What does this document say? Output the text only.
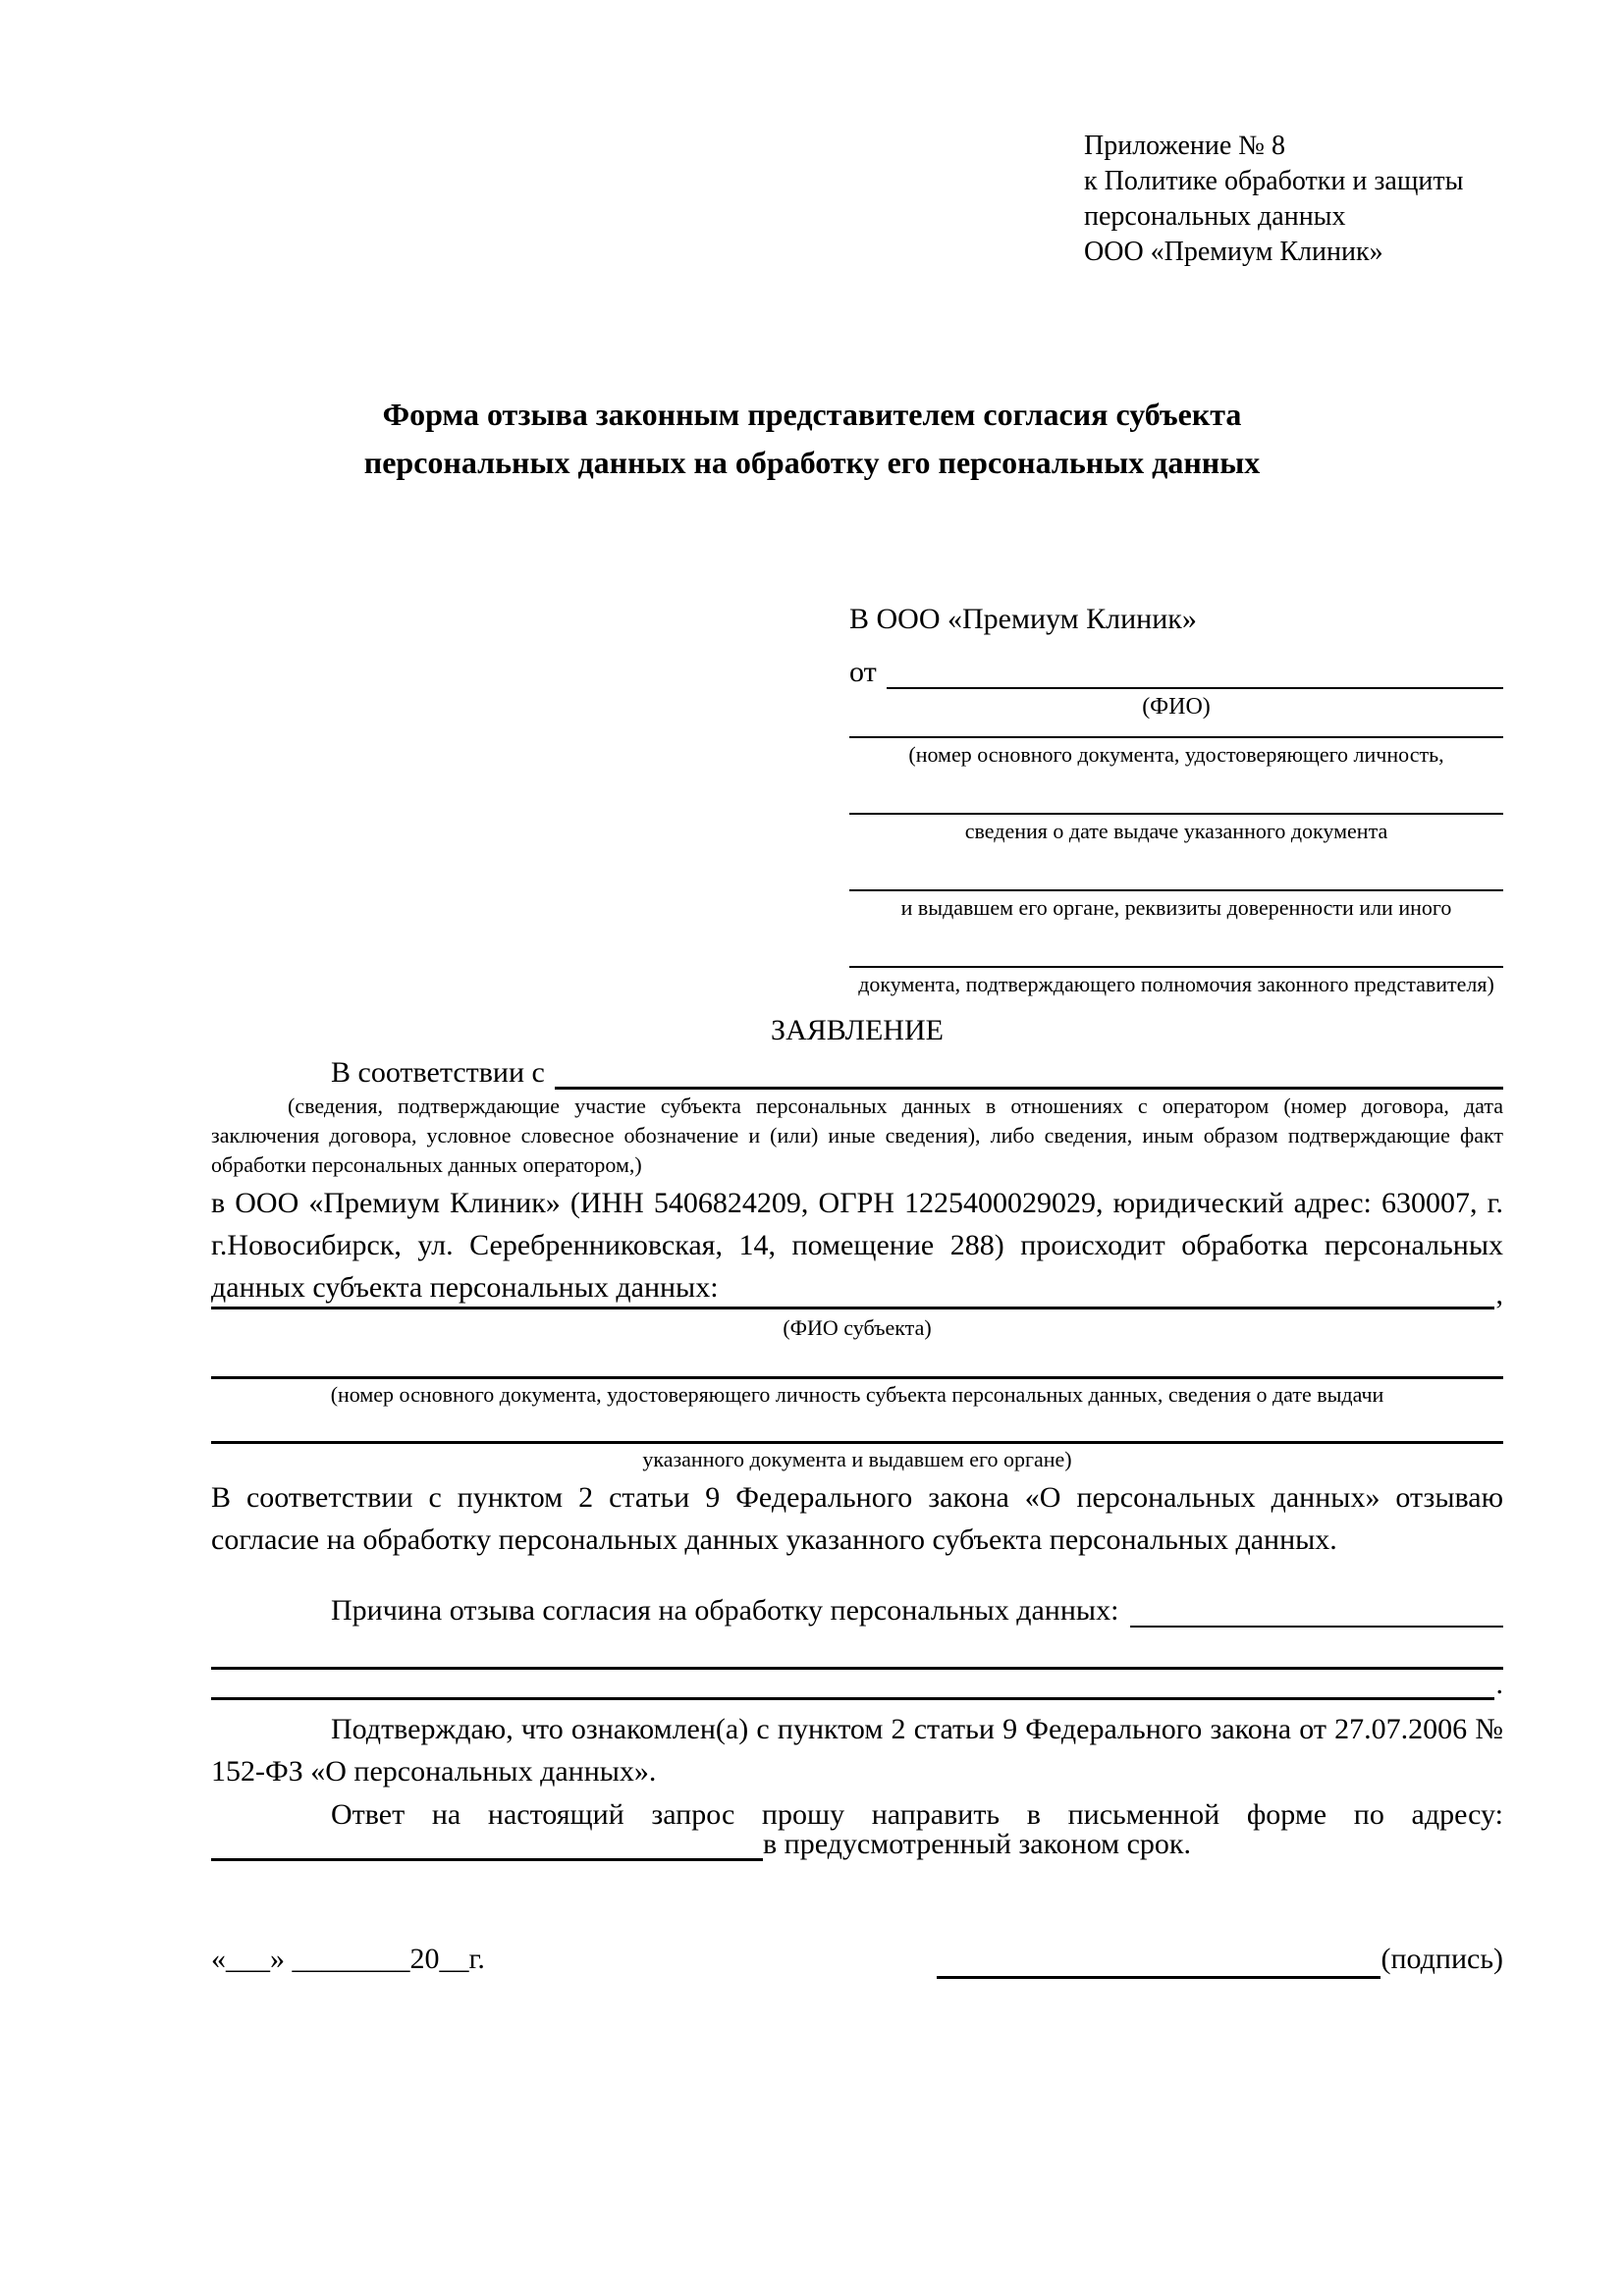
Приложение № 8
к Политике обработки и защиты
персональных данных
ООО «Премиум Клиник»
Форма отзыва законным представителем согласия субъекта персональных данных на обработку его персональных данных
В ООО «Премиум Клиник»
от
(ФИО)
(номер основного документа, удостоверяющего личность,
сведения о дате выдаче указанного документа
и выдавшем его органе, реквизиты доверенности или иного
документа, подтверждающего полномочия законного представителя)
ЗАЯВЛЕНИЕ
В соответствии с
(сведения, подтверждающие участие субъекта персональных данных в отношениях с оператором (номер договора, дата заключения договора, условное словесное обозначение и (или) иные сведения), либо сведения, иным образом подтверждающие факт обработки персональных данных оператором,)
в ООО «Премиум Клиник» (ИНН 5406824209, ОГРН 1225400029029, юридический адрес: 630007, г. г.Новосибирск, ул. Серебренниковская, 14, помещение 288) происходит обработка персональных данных субъекта персональных данных:	,
(ФИО субъекта)
(номер основного документа, удостоверяющего личность субъекта персональных данных, сведения о дате выдачи
указанного документа и выдавшем его органе)
В соответствии с пунктом 2 статьи 9 Федерального закона «О персональных данных» отзываю согласие на обработку персональных данных указанного субъекта персональных данных.
Причина отзыва согласия на обработку персональных данных:
.
Подтверждаю, что ознакомлен(а) с пунктом 2 статьи 9 Федерального закона от 27.07.2006 № 152-ФЗ «О персональных данных».
Ответ на настоящий запрос прошу направить в письменной форме по адресу:
в предусмотренный законом срок.
«___» ________20__г.	(подпись)
